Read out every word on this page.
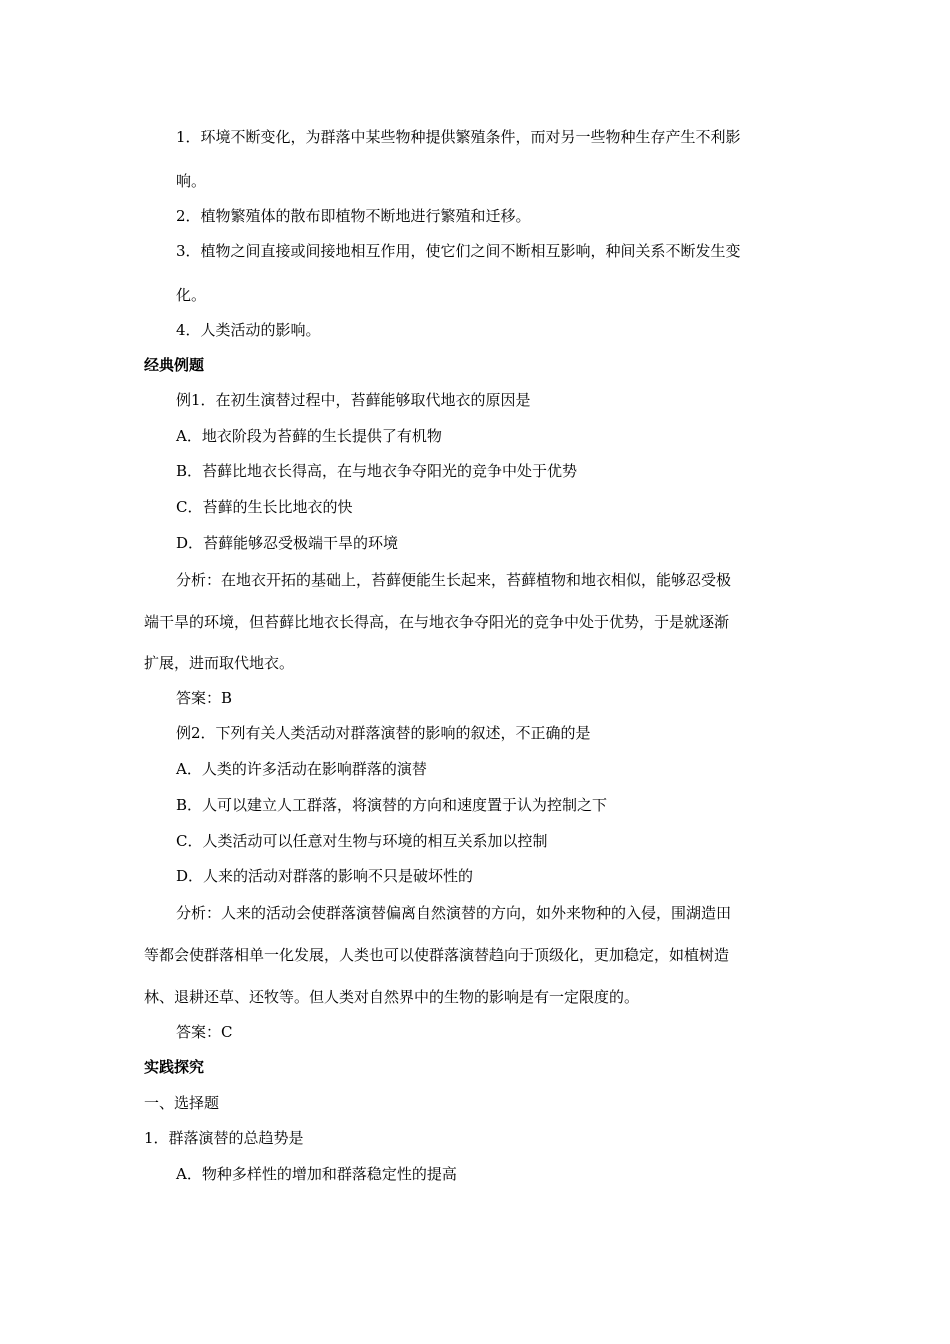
1．环境不断变化，为群落中某些物种提供繁殖条件，而对另一些物种生存产生不利影
响。
2．植物繁殖体的散布即植物不断地进行繁殖和迁移。
3．植物之间直接或间接地相互作用，使它们之间不断相互影响，种间关系不断发生变
化。
4．人类活动的影响。
经典例题
例1．在初生演替过程中，苔藓能够取代地衣的原因是
A．地衣阶段为苔藓的生长提供了有机物
B．苔藓比地衣长得高，在与地衣争夺阳光的竞争中处于优势
C．苔藓的生长比地衣的快
D．苔藓能够忍受极端干旱的环境
分析：在地衣开拓的基础上，苔藓便能生长起来，苔藓植物和地衣相似，能够忍受极
端干旱的环境，但苔藓比地衣长得高，在与地衣争夺阳光的竞争中处于优势，于是就逐渐
扩展，进而取代地衣。
答案：B
例2．下列有关人类活动对群落演替的影响的叙述，不正确的是
A．人类的许多活动在影响群落的演替
B．人可以建立人工群落，将演替的方向和速度置于认为控制之下
C．人类活动可以任意对生物与环境的相互关系加以控制
D．人来的活动对群落的影响不只是破坏性的
分析：人来的活动会使群落演替偏离自然演替的方向，如外来物种的入侵，围湖造田
等都会使群落相单一化发展，人类也可以使群落演替趋向于顶级化，更加稳定，如植树造
林、退耕还草、还牧等。但人类对自然界中的生物的影响是有一定限度的。
答案：C
实践探究
一、选择题
1．群落演替的总趋势是
A．物种多样性的增加和群落稳定性的提高
